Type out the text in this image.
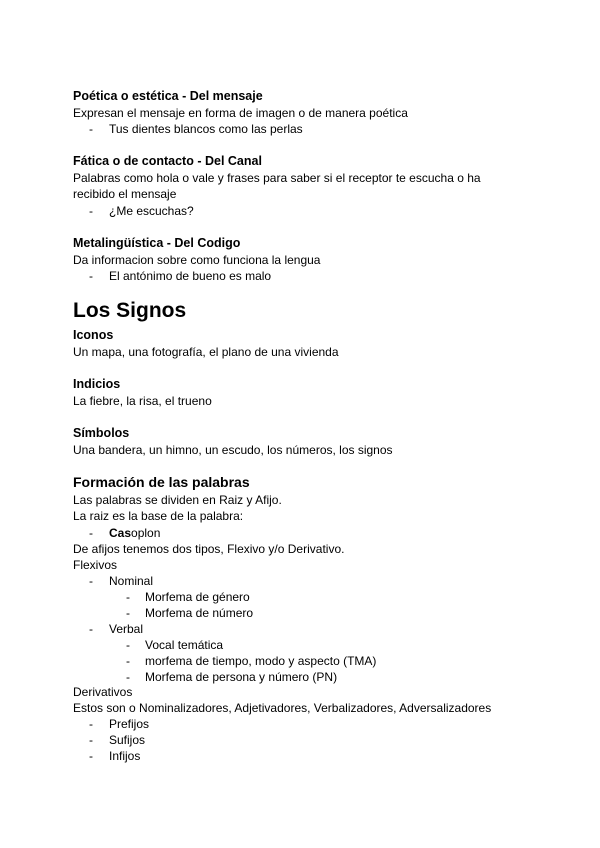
Poética o estética - Del mensaje
Expresan el mensaje en forma de imagen o de manera poética
- Tus dientes blancos como las perlas
Fática o de contacto - Del Canal
Palabras como hola o vale y frases para saber si el receptor te escucha o ha
recibido el mensaje
- ¿Me escuchas?
Metalingüística - Del Codigo
Da informacion sobre como funciona la lengua
- El antónimo de bueno es malo
Los Signos
Iconos
Un mapa, una fotografía, el plano de una vivienda
Indicios
La fiebre, la risa, el trueno
Símbolos
Una bandera, un himno, un escudo, los números, los signos
Formación de las palabras
Las palabras se dividen en Raiz y Afijo.
La raiz es la base de la palabra:
- Casoplon
De afijos tenemos dos tipos, Flexivo y/o Derivativo.
Flexivos
- Nominal
- Morfema de género
- Morfema de número
- Verbal
- Vocal temática
- morfema de tiempo, modo y aspecto (TMA)
- Morfema de persona y número (PN)
Derivativos
Estos son o Nominalizadores, Adjetivadores, Verbalizadores, Adversalizadores
- Prefijos
- Sufijos
- Infijos
